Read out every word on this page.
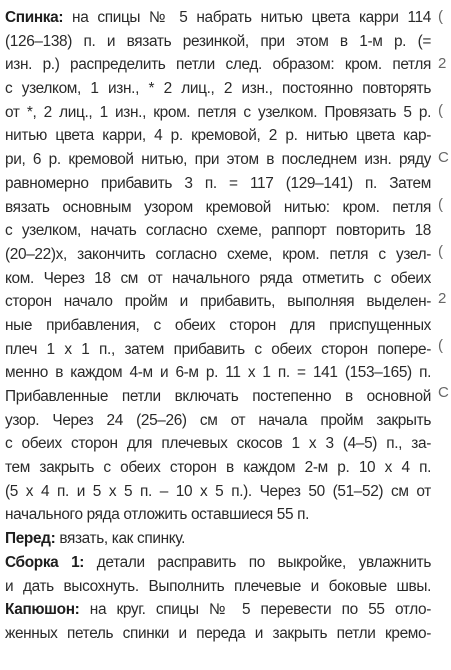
Спинка: на спицы № 5 набрать нитью цвета карри 114
(126–138) п. и вязать резинкой, при этом в 1-м р. (=
изн. р.) распределить петли след. образом: кром. петля
с узелком, 1 изн., * 2 лиц., 2 изн., постоянно повторять
от *, 2 лиц., 1 изн., кром. петля с узелком. Провязать 5 р.
нитью цвета карри, 4 р. кремовой, 2 р. нитью цвета кар-
ри, 6 р. кремовой нитью, при этом в последнем изн. ряду
равномерно прибавить 3 п. = 117 (129–141) п. Затем
вязать основным узором кремовой нитью: кром. петля
с узелком, начать согласно схеме, раппорт повторить 18
(20–22)х, закончить согласно схеме, кром. петля с узел-
ком. Через 18 см от начального ряда отметить с обеих
сторон начало пройм и прибавить, выполняя выделен-
ные прибавления, с обеих сторон для приспущенных
плеч 1 х 1 п., затем прибавить с обеих сторон попере-
менно в каждом 4-м и 6-м р. 11 х 1 п. = 141 (153–165) п.
Прибавленные петли включать постепенно в основной
узор. Через 24 (25–26) см от начала пройм закрыть
с обеих сторон для плечевых скосов 1 х 3 (4–5) п., за-
тем закрыть с обеих сторон в каждом 2-м р. 10 х 4 п.
(5 х 4 п. и 5 х 5 п. – 10 х 5 п.). Через 50 (51–52) см от
начального ряда отложить оставшиеся 55 п.
Перед: вязать, как спинку.
Сборка 1: детали расправить по выкройке, увлажнить
и дать высохнуть. Выполнить плечевые и боковые швы.
Капюшон: на круг. спицы № 5 перевести по 55 отло-
женных петель спинки и переда и закрыть петли кремо-
(
2
(
С
(
(
2
(
С
